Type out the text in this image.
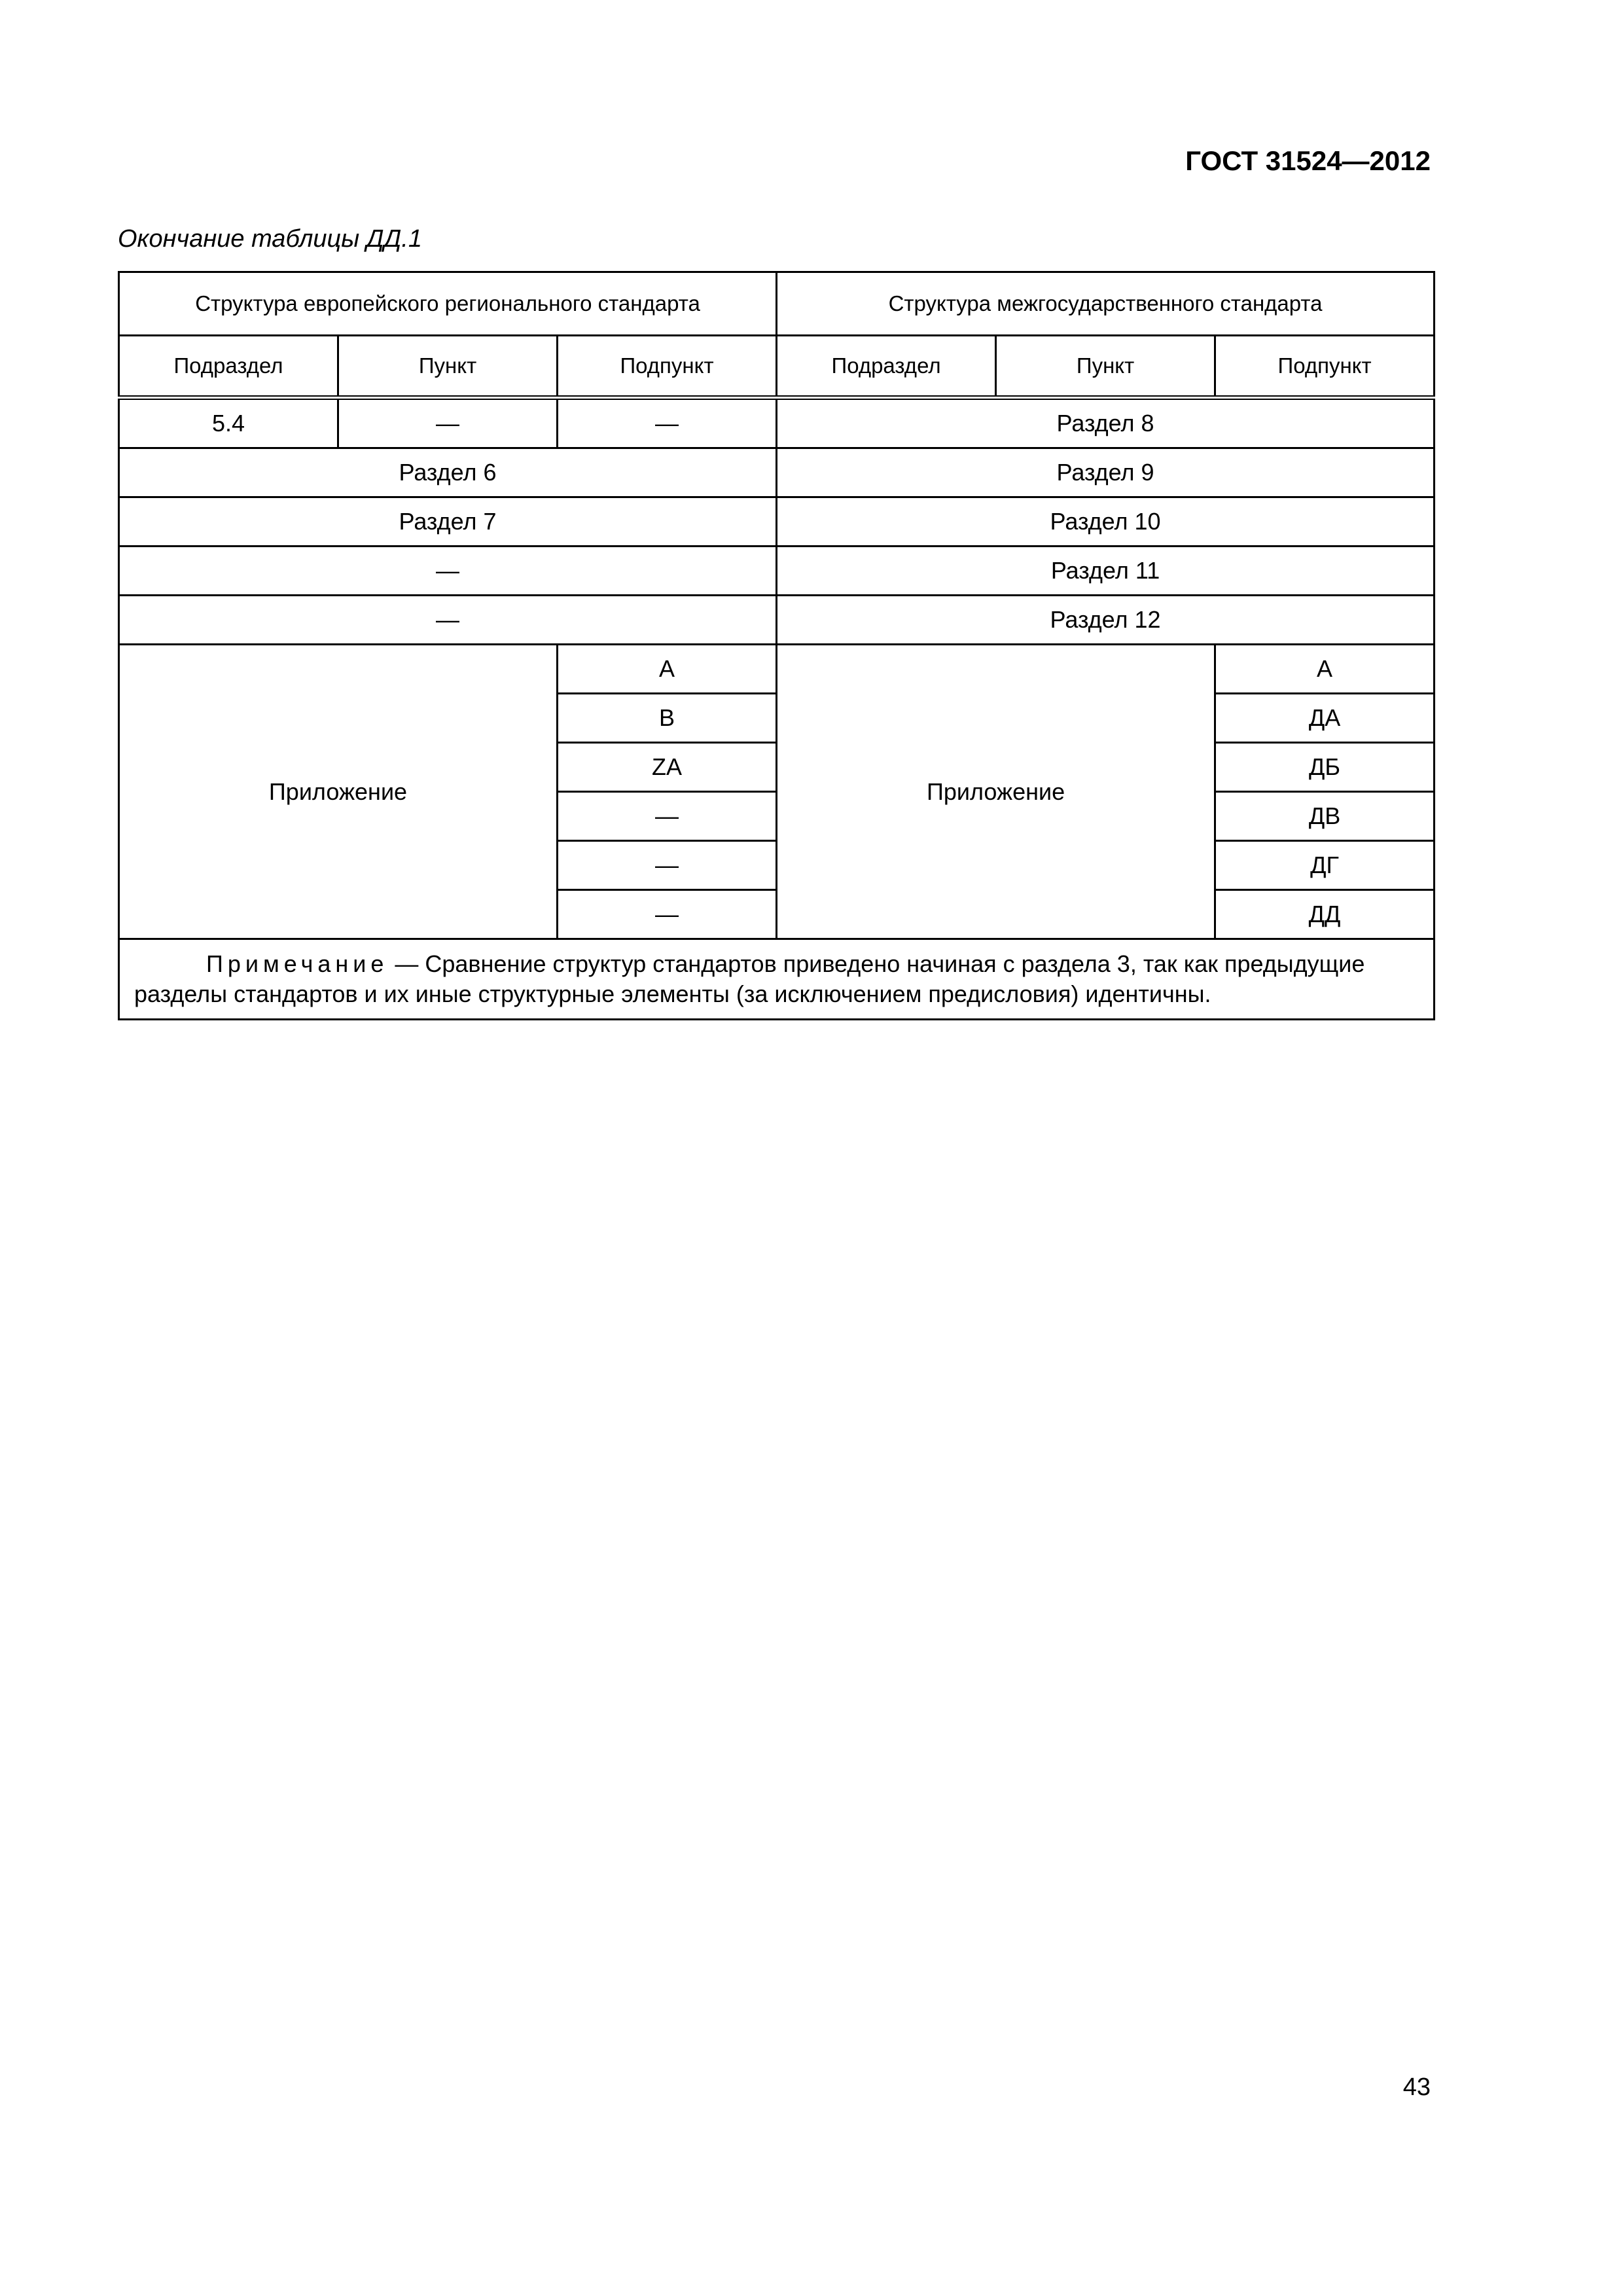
ГОСТ 31524—2012
Окончание таблицы ДД.1
Структура европейского регионального стандарта			Структура межгосударственного стандарта		
Подраздел	Пункт	Подпункт	Подраздел	Пункт	Подпункт
5.4	—	—	Раздел 8		
Раздел 6			Раздел 9		
Раздел 7			Раздел 10		
—			Раздел 11		
—			Раздел 12		
Приложение		A	Приложение		А
		B			ДА
		ZA			ДБ
		—			ДВ
		—			ДГ
		—			ДД
Примечание — Сравнение структур стандартов приведено начиная с раздела 3, так как предыдущие разделы стандартов и их иные структурные элементы (за исключением предисловия) идентичны.					
43
